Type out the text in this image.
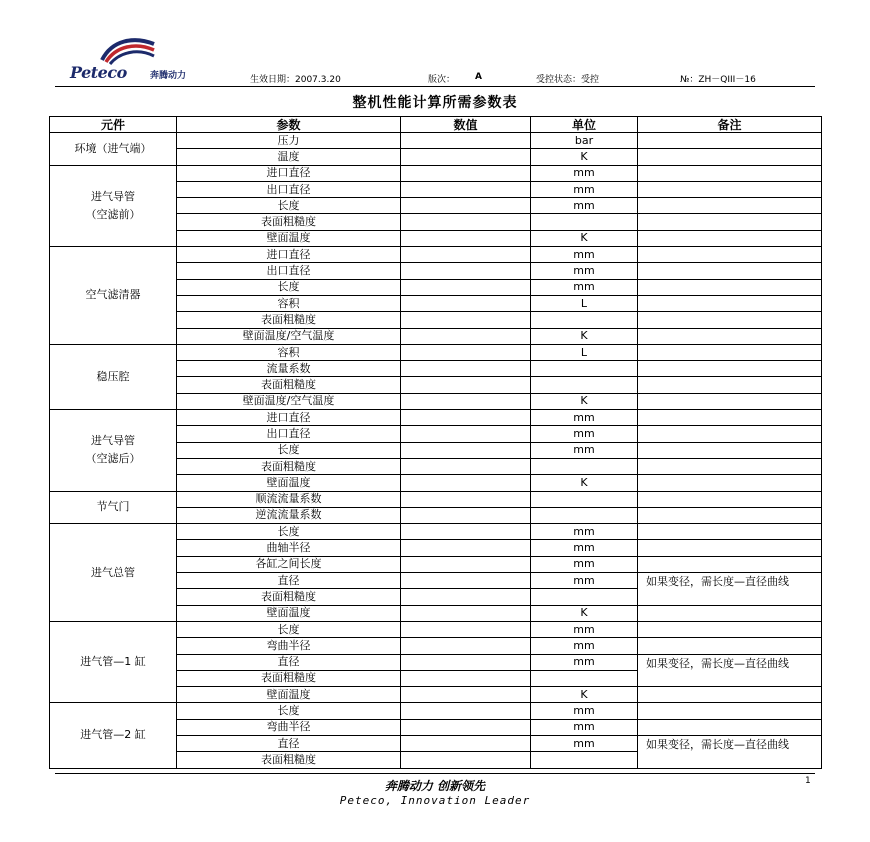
Peteco	奔腾动力	生效日期：2007.3.20	版次： A	受控状态：受控	№：ZH－QIII－16
整机性能计算所需参数表
元件	参数	数值	单位	备注
环境（进气端）	压力		bar	
	温度		K	
进气导管
（空滤前）	进口直径		mm	
	出口直径		mm	
	长度		mm	
	表面粗糙度			
	壁面温度		K	
空气滤清器	进口直径		mm	
	出口直径		mm	
	长度		mm	
	容积		L	
	表面粗糙度			
	壁面温度/空气温度		K	
稳压腔	容积		L	
	流量系数			
	表面粗糙度			
	壁面温度/空气温度		K	
进气导管
（空滤后）	进口直径		mm	
	出口直径		mm	
	长度		mm	
	表面粗糙度			
	壁面温度		K	
节气门	顺流流量系数			
	逆流流量系数			
进气总管	长度		mm	
	曲轴半径		mm	
	各缸之间长度		mm	
	直径		mm	如果变径，需长度—直径曲线
	表面粗糙度			
	壁面温度		K	
进气管—1 缸	长度		mm	
	弯曲半径		mm	
	直径		mm	如果变径，需长度—直径曲线
	表面粗糙度			
	壁面温度		K	
进气管—2 缸	长度		mm	
	弯曲半径		mm	
	直径		mm	如果变径，需长度—直径曲线
	表面粗糙度			
奔腾动力 创新领先
Peteco, Innovation Leader
1
